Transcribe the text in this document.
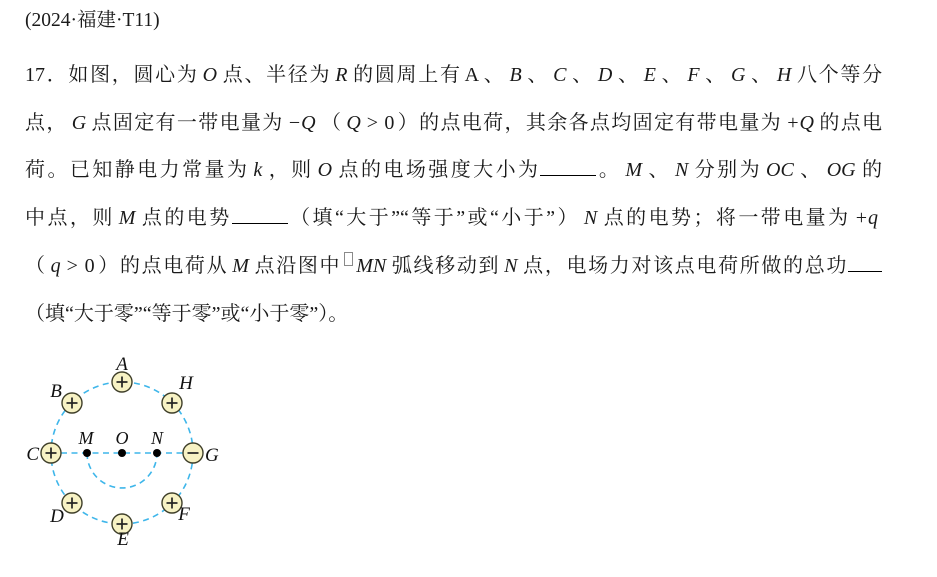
(2024·福建·T11)

17．如图，圆心为 O 点、半径为 R 的圆周上有 A 、 B 、 C 、 D 、 E 、 F 、 G 、 H 八个等分

点， G 点固定有一带电量为 −Q （ Q > 0 ）的点电荷，其余各点均固定有带电量为 +Q 的点电

荷。已知静电力常量为 k ，则 O 点的电场强度大小为	。 M 、 N 分别为 OC 、 OG 的

中点，则 M 点的电势	（填“大于”“等于”或“小于”） N 点的电势；将一带电量为 +q

（ q > 0 ）的点电荷从 M 点沿图中 MN 弧线移动到 N 点，电场力对该点电荷所做的总功

（填“大于零”“等于零”或“小于零”）。

A
H
B
C	G
D	F
E
M O N
